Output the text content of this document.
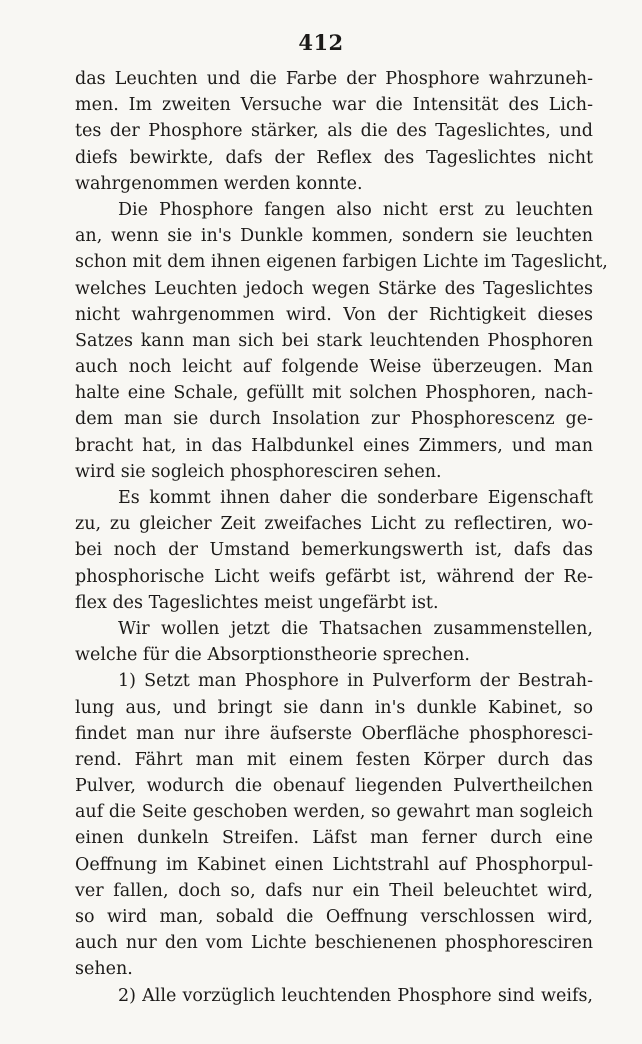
412
das Leuchten und die Farbe der Phosphore wahrzuneh-
men. Im zweiten Versuche war die Intensität des Lich-
tes der Phosphore stärker, als die des Tageslichtes, und
diefs bewirkte, dafs der Reflex des Tageslichtes nicht
wahrgenommen werden konnte.
Die Phosphore fangen also nicht erst zu leuchten
an, wenn sie in's Dunkle kommen, sondern sie leuchten
schon mit dem ihnen eigenen farbigen Lichte im Tageslicht,
welches Leuchten jedoch wegen Stärke des Tageslichtes
nicht wahrgenommen wird. Von der Richtigkeit dieses
Satzes kann man sich bei stark leuchtenden Phosphoren
auch noch leicht auf folgende Weise überzeugen. Man
halte eine Schale, gefüllt mit solchen Phosphoren, nach-
dem man sie durch Insolation zur Phosphorescenz ge-
bracht hat, in das Halbdunkel eines Zimmers, und man
wird sie sogleich phosphoresciren sehen.
Es kommt ihnen daher die sonderbare Eigenschaft
zu, zu gleicher Zeit zweifaches Licht zu reflectiren, wo-
bei noch der Umstand bemerkungswerth ist, dafs das
phosphorische Licht weifs gefärbt ist, während der Re-
flex des Tageslichtes meist ungefärbt ist.
Wir wollen jetzt die Thatsachen zusammenstellen,
welche für die Absorptionstheorie sprechen.
1) Setzt man Phosphore in Pulverform der Bestrah-
lung aus, und bringt sie dann in's dunkle Kabinet, so
findet man nur ihre äufserste Oberfläche phosphoresci-
rend. Fährt man mit einem festen Körper durch das
Pulver, wodurch die obenauf liegenden Pulvertheilchen
auf die Seite geschoben werden, so gewahrt man sogleich
einen dunkeln Streifen. Läfst man ferner durch eine
Oeffnung im Kabinet einen Lichtstrahl auf Phosphorpul-
ver fallen, doch so, dafs nur ein Theil beleuchtet wird,
so wird man, sobald die Oeffnung verschlossen wird,
auch nur den vom Lichte beschienenen phosphoresciren
sehen.
2) Alle vorzüglich leuchtenden Phosphore sind weifs,
